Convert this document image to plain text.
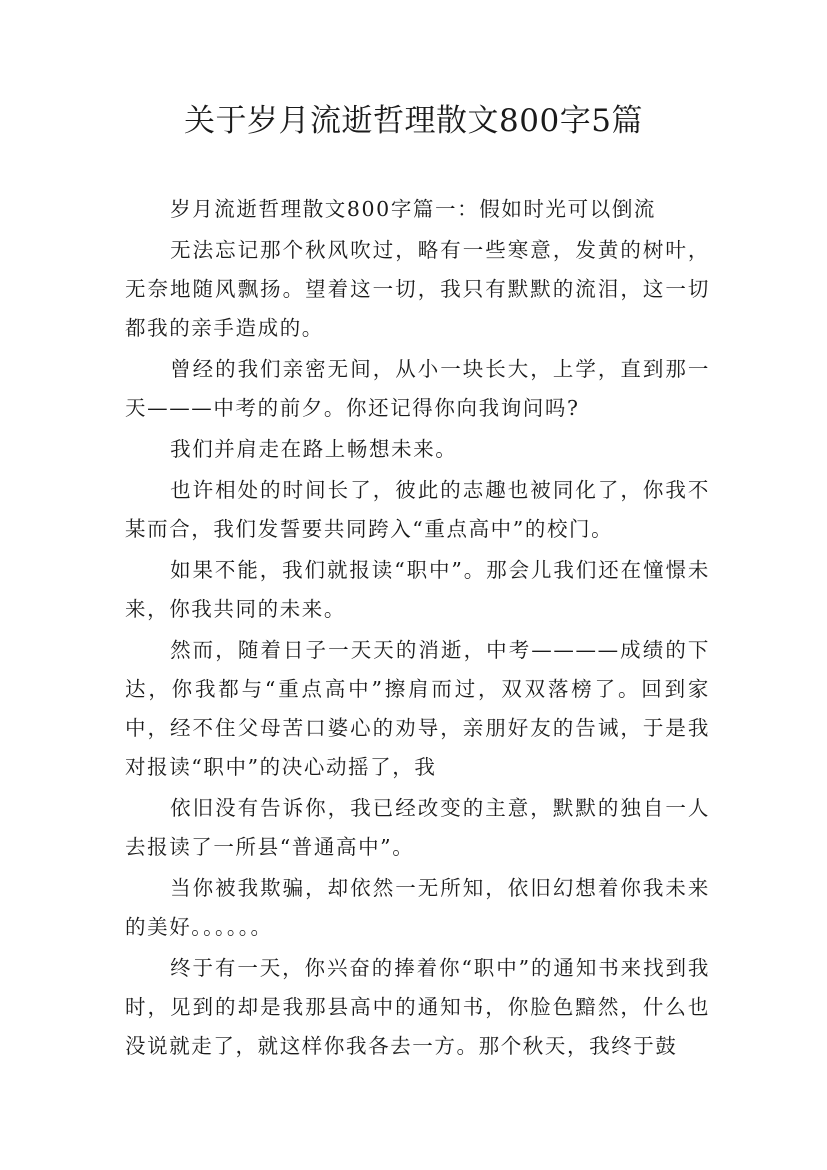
关于岁月流逝哲理散文800字5篇

岁月流逝哲理散文800字篇一：假如时光可以倒流

无法忘记那个秋风吹过，略有一些寒意，发黄的树叶，无奈地随风飘扬。望着这一切，我只有默默的流泪，这一切都我的亲手造成的。

曾经的我们亲密无间，从小一块长大，上学，直到那一天———中考的前夕。你还记得你向我询问吗?

我们并肩走在路上畅想未来。

也许相处的时间长了，彼此的志趣也被同化了，你我不某而合，我们发誓要共同跨入“重点高中”的校门。

如果不能，我们就报读“职中”。那会儿我们还在憧憬未来，你我共同的未来。

然而，随着日子一天天的消逝，中考————成绩的下达，你我都与“重点高中”擦肩而过，双双落榜了。回到家中，经不住父母苦口婆心的劝导，亲朋好友的告诫，于是我对报读“职中”的决心动摇了，我

依旧没有告诉你，我已经改变的主意，默默的独自一人去报读了一所县“普通高中”。

当你被我欺骗，却依然一无所知，依旧幻想着你我未来的美好。。。。。。

终于有一天，你兴奋的捧着你“职中”的通知书来找到我时，见到的却是我那县高中的通知书，你脸色黯然，什么也没说就走了，就这样你我各去一方。那个秋天，我终于鼓
